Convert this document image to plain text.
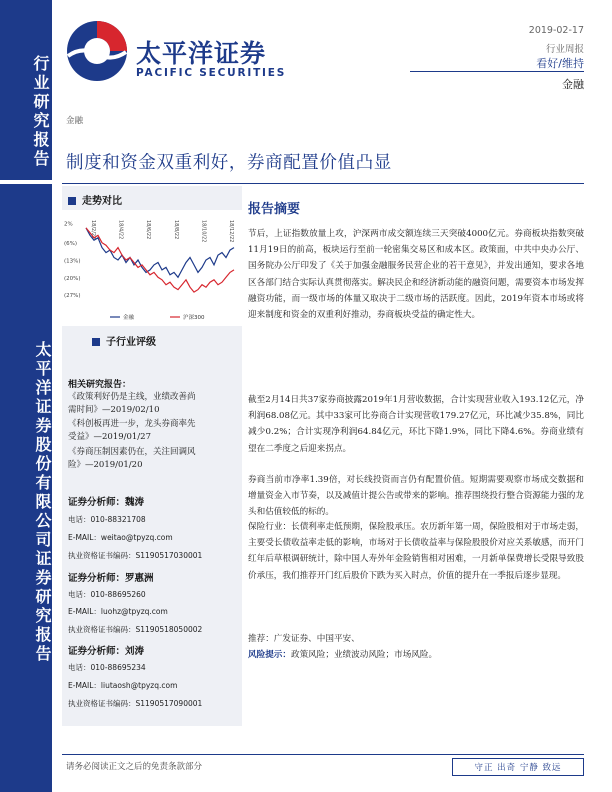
行业研究报告
太平洋证券股份有限公司证券研究报告
太平洋证券
PACIFIC SECURITIES
2019-02-17
行业周报
看好/维持
金融
金融
制度和资金双重利好，券商配置价值凸显
走势对比
2%
(6%)
(13%)
(20%)
(27%)
18/2/22	18/4/22	18/6/22	18/8/22	18/10/22	18/12/22
金融	沪深300
子行业评级
相关研究报告：
《政策利好仍是主线，业绩改善尚
需时间》—2019/02/10
《科创板再进一步，龙头券商率先
受益》—2019/01/27
《券商压制因素仍在，关注回调风
险》—2019/01/20
证券分析师：魏涛
电话：010-88321708
E-MAIL：weitao@tpyzq.com
执业资格证书编码：S1190517030001
证券分析师：罗惠洲
电话：010-88695260
E-MAIL：luohz@tpyzq.com
执业资格证书编码：S1190518050002
证券分析师：刘涛
电话：010-88695234
E-MAIL：liutaosh@tpyzq.com
执业资格证书编码：S1190517090001
报告摘要
节后，上证指数放量上攻，沪深两市成交额连续三天突破4000亿元。券商板块指数突破11月19日的前高，板块运行至前一轮密集交易区和成本区。政策面，中共中央办公厅、国务院办公厅印发了《关于加强金融服务民营企业的若干意见》，并发出通知，要求各地区各部门结合实际认真贯彻落实。解决民企和经济新动能的融资问题，需要资本市场发挥融资功能，而一级市场的体量又取决于二级市场的活跃度。因此，2019年资本市场或将迎来制度和资金的双重利好推动，券商板块受益的确定性大。
截至2月14日共37家券商披露2019年1月营收数据，合计实现营业收入193.12亿元，净利润68.08亿元。其中33家可比券商合计实现营收179.27亿元，环比减少35.8%，同比减少0.2%；合计实现净利润64.84亿元，环比下降1.9%，同比下降4.6%。券商业绩有望在二季度之后迎来拐点。
券商当前市净率1.39倍，对长线投资而言仍有配置价值。短期需要观察市场成交数据和增量资金入市节奏，以及减值计提公告或带来的影响。推荐围绕投行整合资源能力强的龙头和估值较低的标的。
保险行业：长债利率走低预期，保险股承压。农历新年第一周，保险股相对于市场走弱，主要受长债收益率走低的影响，市场对于长债收益率与保险股股价对应关系敏感，而开门红年后草根调研统计，除中国人寿外年金险销售相对困难，一月新单保费增长受限导致股价承压，我们推荐开门红后股价下跌为买入时点，价值的提升在一季报后逐步显现。
推荐：广发证券、中国平安、
风险提示：政策风险；业绩波动风险；市场风险。
请务必阅读正文之后的免责条款部分	守正 出奇 宁静 致远
